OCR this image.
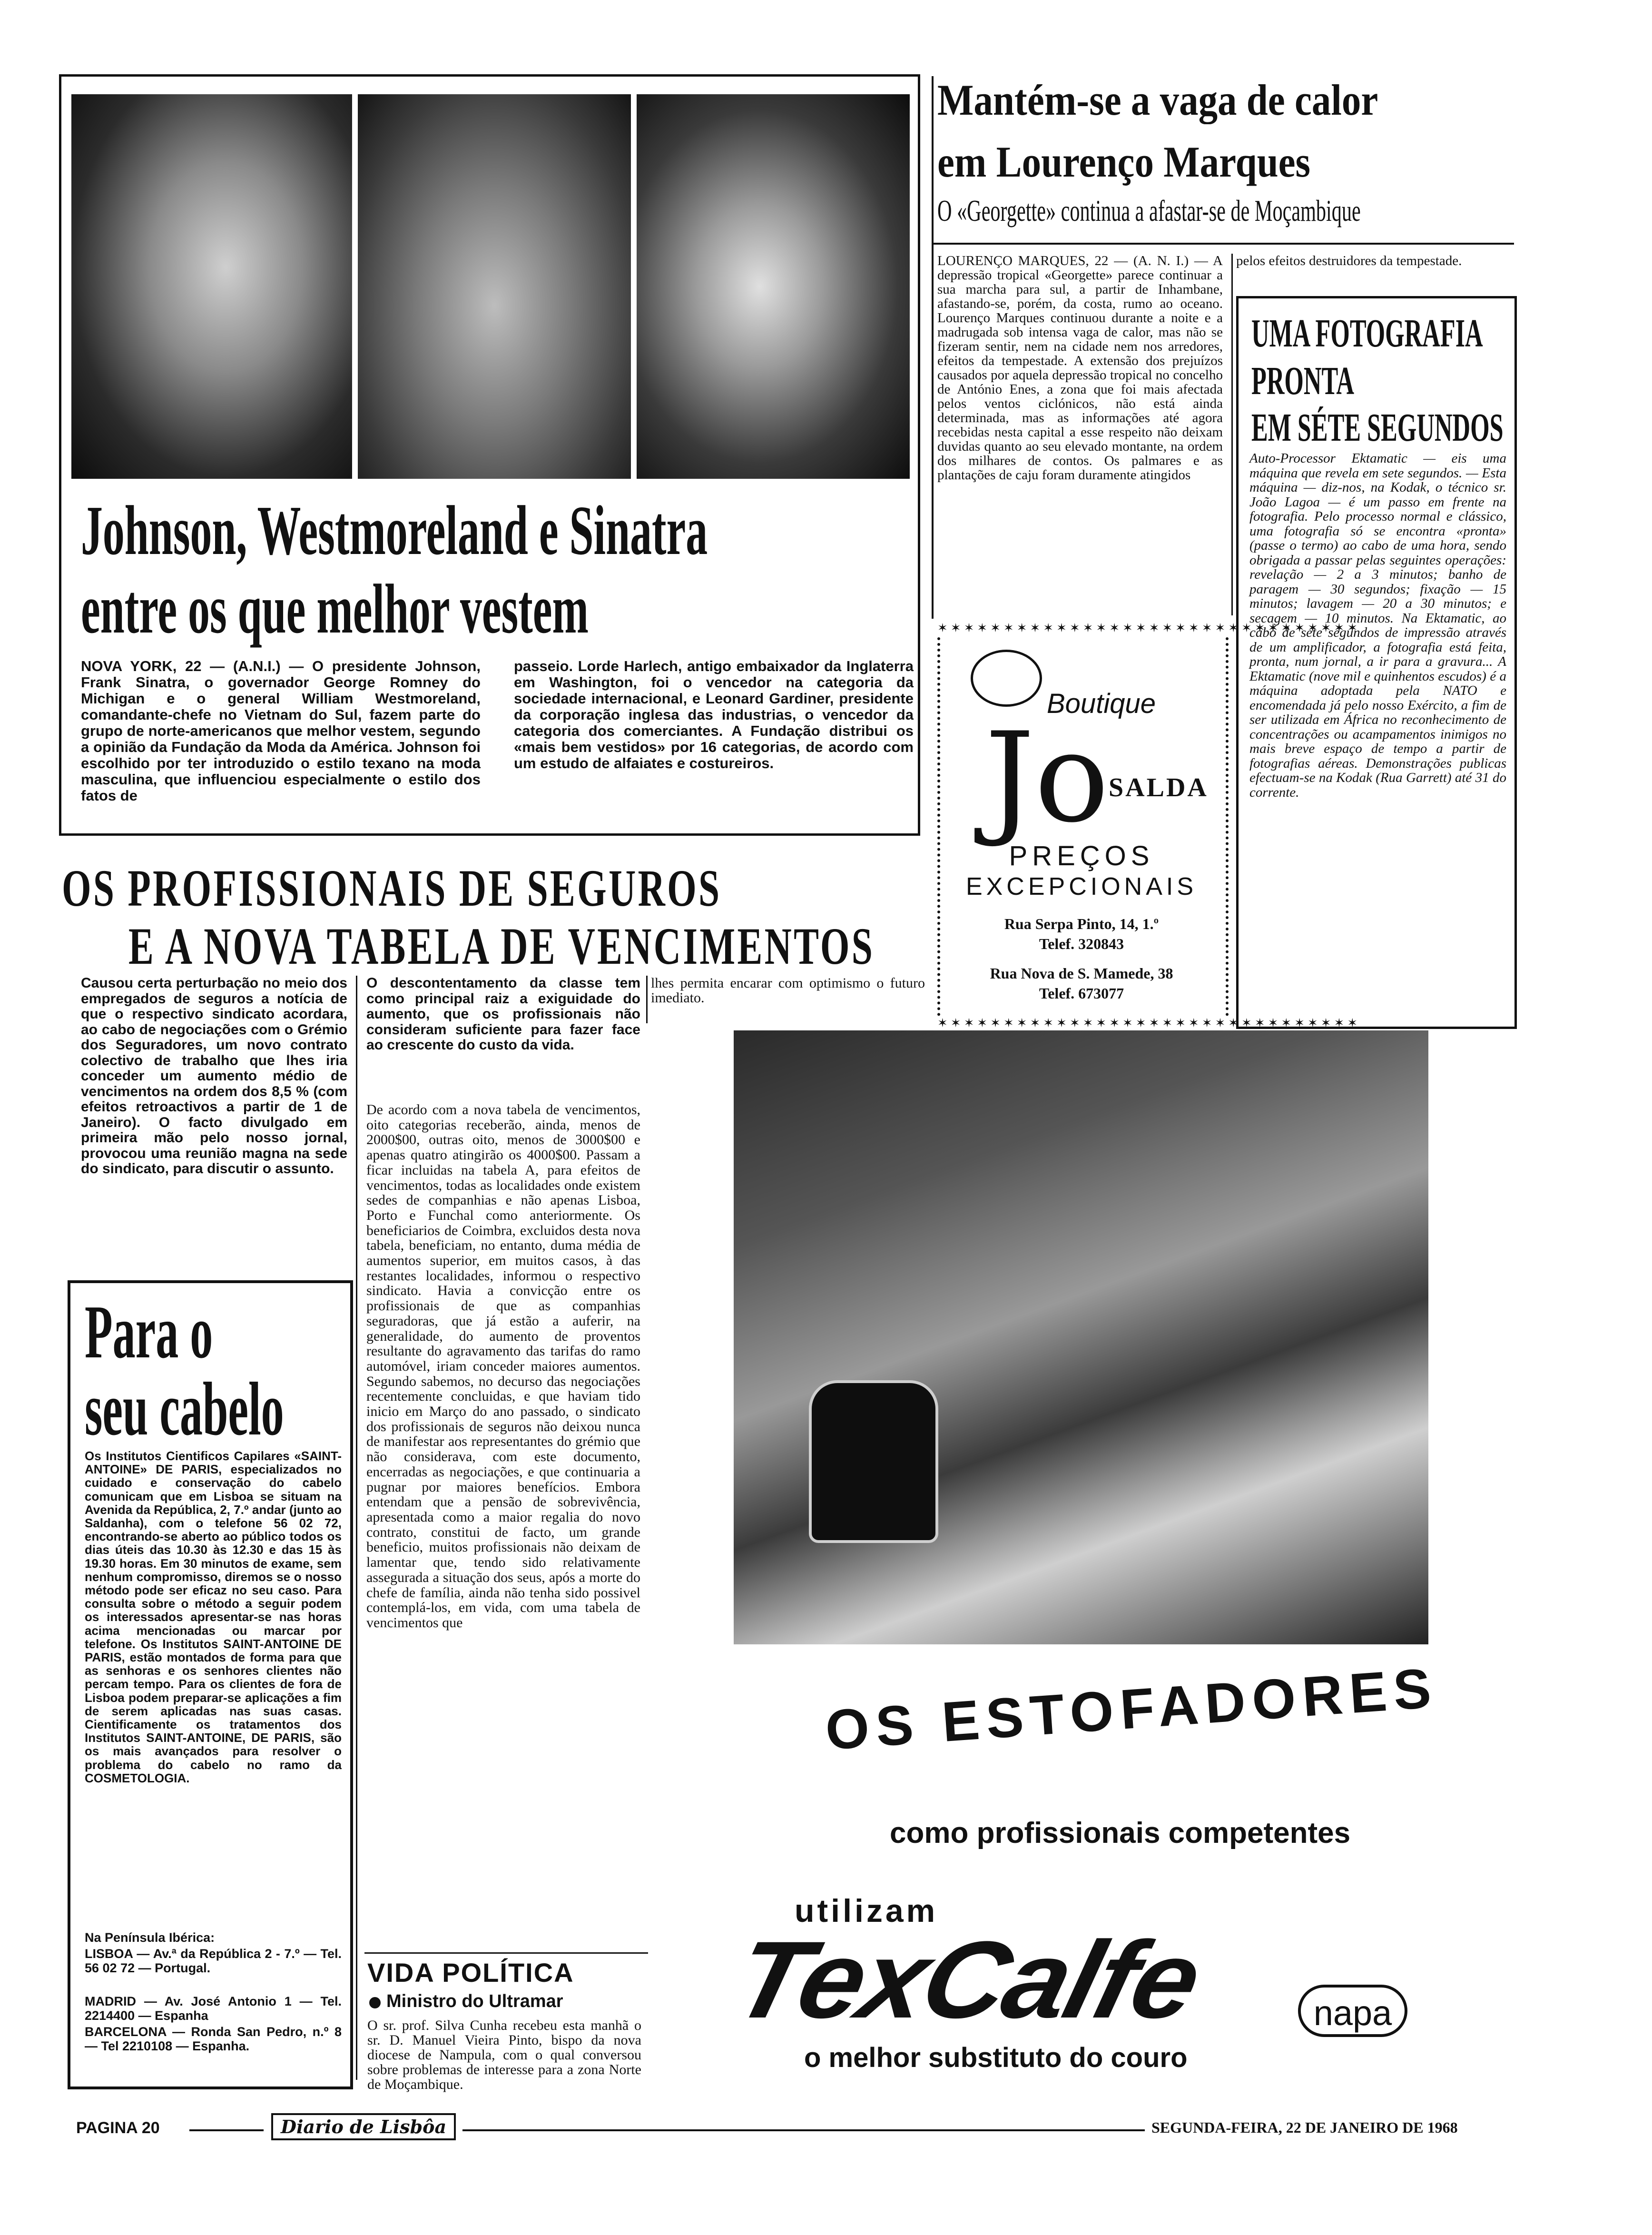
Johnson, Westmoreland e Sinatra
entre os que melhor vestem
NOVA YORK, 22 — (A.N.I.) — O presidente Johnson, Frank Sinatra, o governador George Romney do Michigan e o general William Westmoreland, comandante-chefe no Vietnam do Sul, fazem parte do grupo de norte-americanos que melhor vestem, segundo a opinião da Fundação da Moda da América. Johnson foi escolhido por ter introduzido o estilo texano na moda masculina, que influenciou especialmente o estilo dos fatos de
passeio. Lorde Harlech, antigo embaixador da Inglaterra em Washington, foi o vencedor na categoria da sociedade internacional, e Leonard Gardiner, presidente da corporação inglesa das industrias, o vencedor da categoria dos comerciantes. A Fundação distribui os «mais bem vestidos» por 16 categorias, de acordo com um estudo de alfaiates e costureiros.
Mantém-se a vaga de calor
em Lourenço Marques
O «Georgette» continua a afastar-se de Moçambique
LOURENÇO MARQUES, 22 — (A. N. I.) — A depressão tropical «Georgette» parece continuar a sua marcha para sul, a partir de Inhambane, afastando-se, porém, da costa, rumo ao oceano. Lourenço Marques continuou durante a noite e a madrugada sob intensa vaga de calor, mas não se fizeram sentir, nem na cidade nem nos arredores, efeitos da tempestade. A extensão dos prejuízos causados por aquela depressão tropical no concelho de António Enes, a zona que foi mais afectada pelos ventos ciclónicos, não está ainda determinada, mas as informações até agora recebidas nesta capital a esse respeito não deixam duvidas quanto ao seu elevado montante, na ordem dos milhares de contos. Os palmares e as plantações de caju foram duramente atingidos
pelos efeitos destruidores da tempestade.
UMA FOTOGRAFIA
PRONTA
EM SÉTE SEGUNDOS
Auto-Processor Ektamatic — eis uma máquina que revela em sete segundos. — Esta máquina — diz-nos, na Kodak, o técnico sr. João Lagoa — é um passo em frente na fotografia. Pelo processo normal e clássico, uma fotografia só se encontra «pronta» (passe o termo) ao cabo de uma hora, sendo obrigada a passar pelas seguintes operações: revelação — 2 a 3 minutos; banho de paragem — 30 segundos; fixação — 15 minutos; lavagem — 20 a 30 minutos; e secagem — 10 minutos. Na Ektamatic, ao cabo de sete segundos de impressão através de um amplificador, a fotografia está feita, pronta, num jornal, a ir para a gravura... A Ektamatic (nove mil e quinhentos escudos) é a máquina adoptada pela NATO e encomendada já pelo nosso Exército, a fim de ser utilizada em África no reconhecimento de concentrações ou acampamentos inimigos no mais breve espaço de tempo a partir de fotografias aéreas. Demonstrações publicas efectuam-se na Kodak (Rua Garrett) até 31 do corrente.
✶✶✶✶✶✶✶✶✶✶✶✶✶✶✶✶✶✶✶✶✶✶✶✶✶✶✶✶✶✶✶✶
✶✶✶✶✶✶✶✶✶✶✶✶✶✶✶✶✶✶✶✶✶✶✶✶✶✶✶✶✶✶✶✶
Boutique
Jo SALDA
PREÇOS
EXCEPCIONAIS
Rua Serpa Pinto, 14, 1.º
Telef. 320843
Rua Nova de S. Mamede, 38
Telef. 673077
OS PROFISSIONAIS DE SEGUROS
E A NOVA TABELA DE VENCIMENTOS
Causou certa perturbação no meio dos empregados de seguros a notícia de que o respectivo sindicato acordara, ao cabo de negociações com o Grémio dos Seguradores, um novo contrato colectivo de trabalho que lhes iria conceder um aumento médio de vencimentos na ordem dos 8,5 % (com efeitos retroactivos a partir de 1 de Janeiro). O facto divulgado em primeira mão pelo nosso jornal, provocou uma reunião magna na sede do sindicato, para discutir o assunto.
O descontentamento da classe tem como principal raiz a exiguidade do aumento, que os profissionais não consideram suficiente para fazer face ao crescente do custo da vida.
De acordo com a nova tabela de vencimentos, oito categorias receberão, ainda, menos de 2000$00, outras oito, menos de 3000$00 e apenas quatro atingirão os 4000$00. Passam a ficar incluidas na tabela A, para efeitos de vencimentos, todas as localidades onde existem sedes de companhias e não apenas Lisboa, Porto e Funchal como anteriormente. Os beneficiarios de Coimbra, excluidos desta nova tabela, beneficiam, no entanto, duma média de aumentos superior, em muitos casos, à das restantes localidades, informou o respectivo sindicato. Havia a convicção entre os profissionais de que as companhias seguradoras, que já estão a auferir, na generalidade, do aumento de proventos resultante do agravamento das tarifas do ramo automóvel, iriam conceder maiores aumentos. Segundo sabemos, no decurso das negociações recentemente concluidas, e que haviam tido inicio em Março do ano passado, o sindicato dos profissionais de seguros não deixou nunca de manifestar aos representantes do grémio que não considerava, com este documento, encerradas as negociações, e que continuaria a pugnar por maiores benefícios. Embora entendam que a pensão de sobrevivência, apresentada como a maior regalia do novo contrato, constitui de facto, um grande beneficio, muitos profissionais não deixam de lamentar que, tendo sido relativamente assegurada a situação dos seus, após a morte do chefe de família, ainda não tenha sido possivel contemplá-los, em vida, com uma tabela de vencimentos que
lhes permita encarar com optimismo o futuro imediato.
Para o
seu cabelo
Os Institutos Cientificos Capilares «SAINT-ANTOINE» DE PARIS, especializados no cuidado e conservação do cabelo comunicam que em Lisboa se situam na Avenida da República, 2, 7.º andar (junto ao Saldanha), com o telefone 56 02 72, encontrando-se aberto ao público todos os dias úteis das 10.30 às 12.30 e das 15 às 19.30 horas. Em 30 minutos de exame, sem nenhum compromisso, diremos se o nosso método pode ser eficaz no seu caso. Para consulta sobre o método a seguir podem os interessados apresentar-se nas horas acima mencionadas ou marcar por telefone. Os Institutos SAINT-ANTOINE DE PARIS, estão montados de forma para que as senhoras e os senhores clientes não percam tempo. Para os clientes de fora de Lisboa podem preparar-se aplicações a fim de serem aplicadas nas suas casas. Cientificamente os tratamentos dos Institutos SAINT-ANTOINE, DE PARIS, são os mais avançados para resolver o problema do cabelo no ramo da COSMETOLOGIA.
Na Península Ibérica:
LISBOA — Av.ª da República 2 - 7.º — Tel. 56 02 72 — Portugal.
MADRID — Av. José Antonio 1 — Tel. 2214400 — Espanha
BARCELONA — Ronda San Pedro, n.º 8 — Tel 2210108 — Espanha.
VIDA POLÍTICA
Ministro do Ultramar
O sr. prof. Silva Cunha recebeu esta manhã o sr. D. Manuel Vieira Pinto, bispo da nova diocese de Nampula, com o qual conversou sobre problemas de interesse para a zona Norte de Moçambique.
OS ESTOFADORES
como profissionais competentes
utilizam
TexCalfe	napa
o melhor substituto do couro
PAGINA 20	Diario de Lisbôa	SEGUNDA-FEIRA, 22 DE JANEIRO DE 1968
